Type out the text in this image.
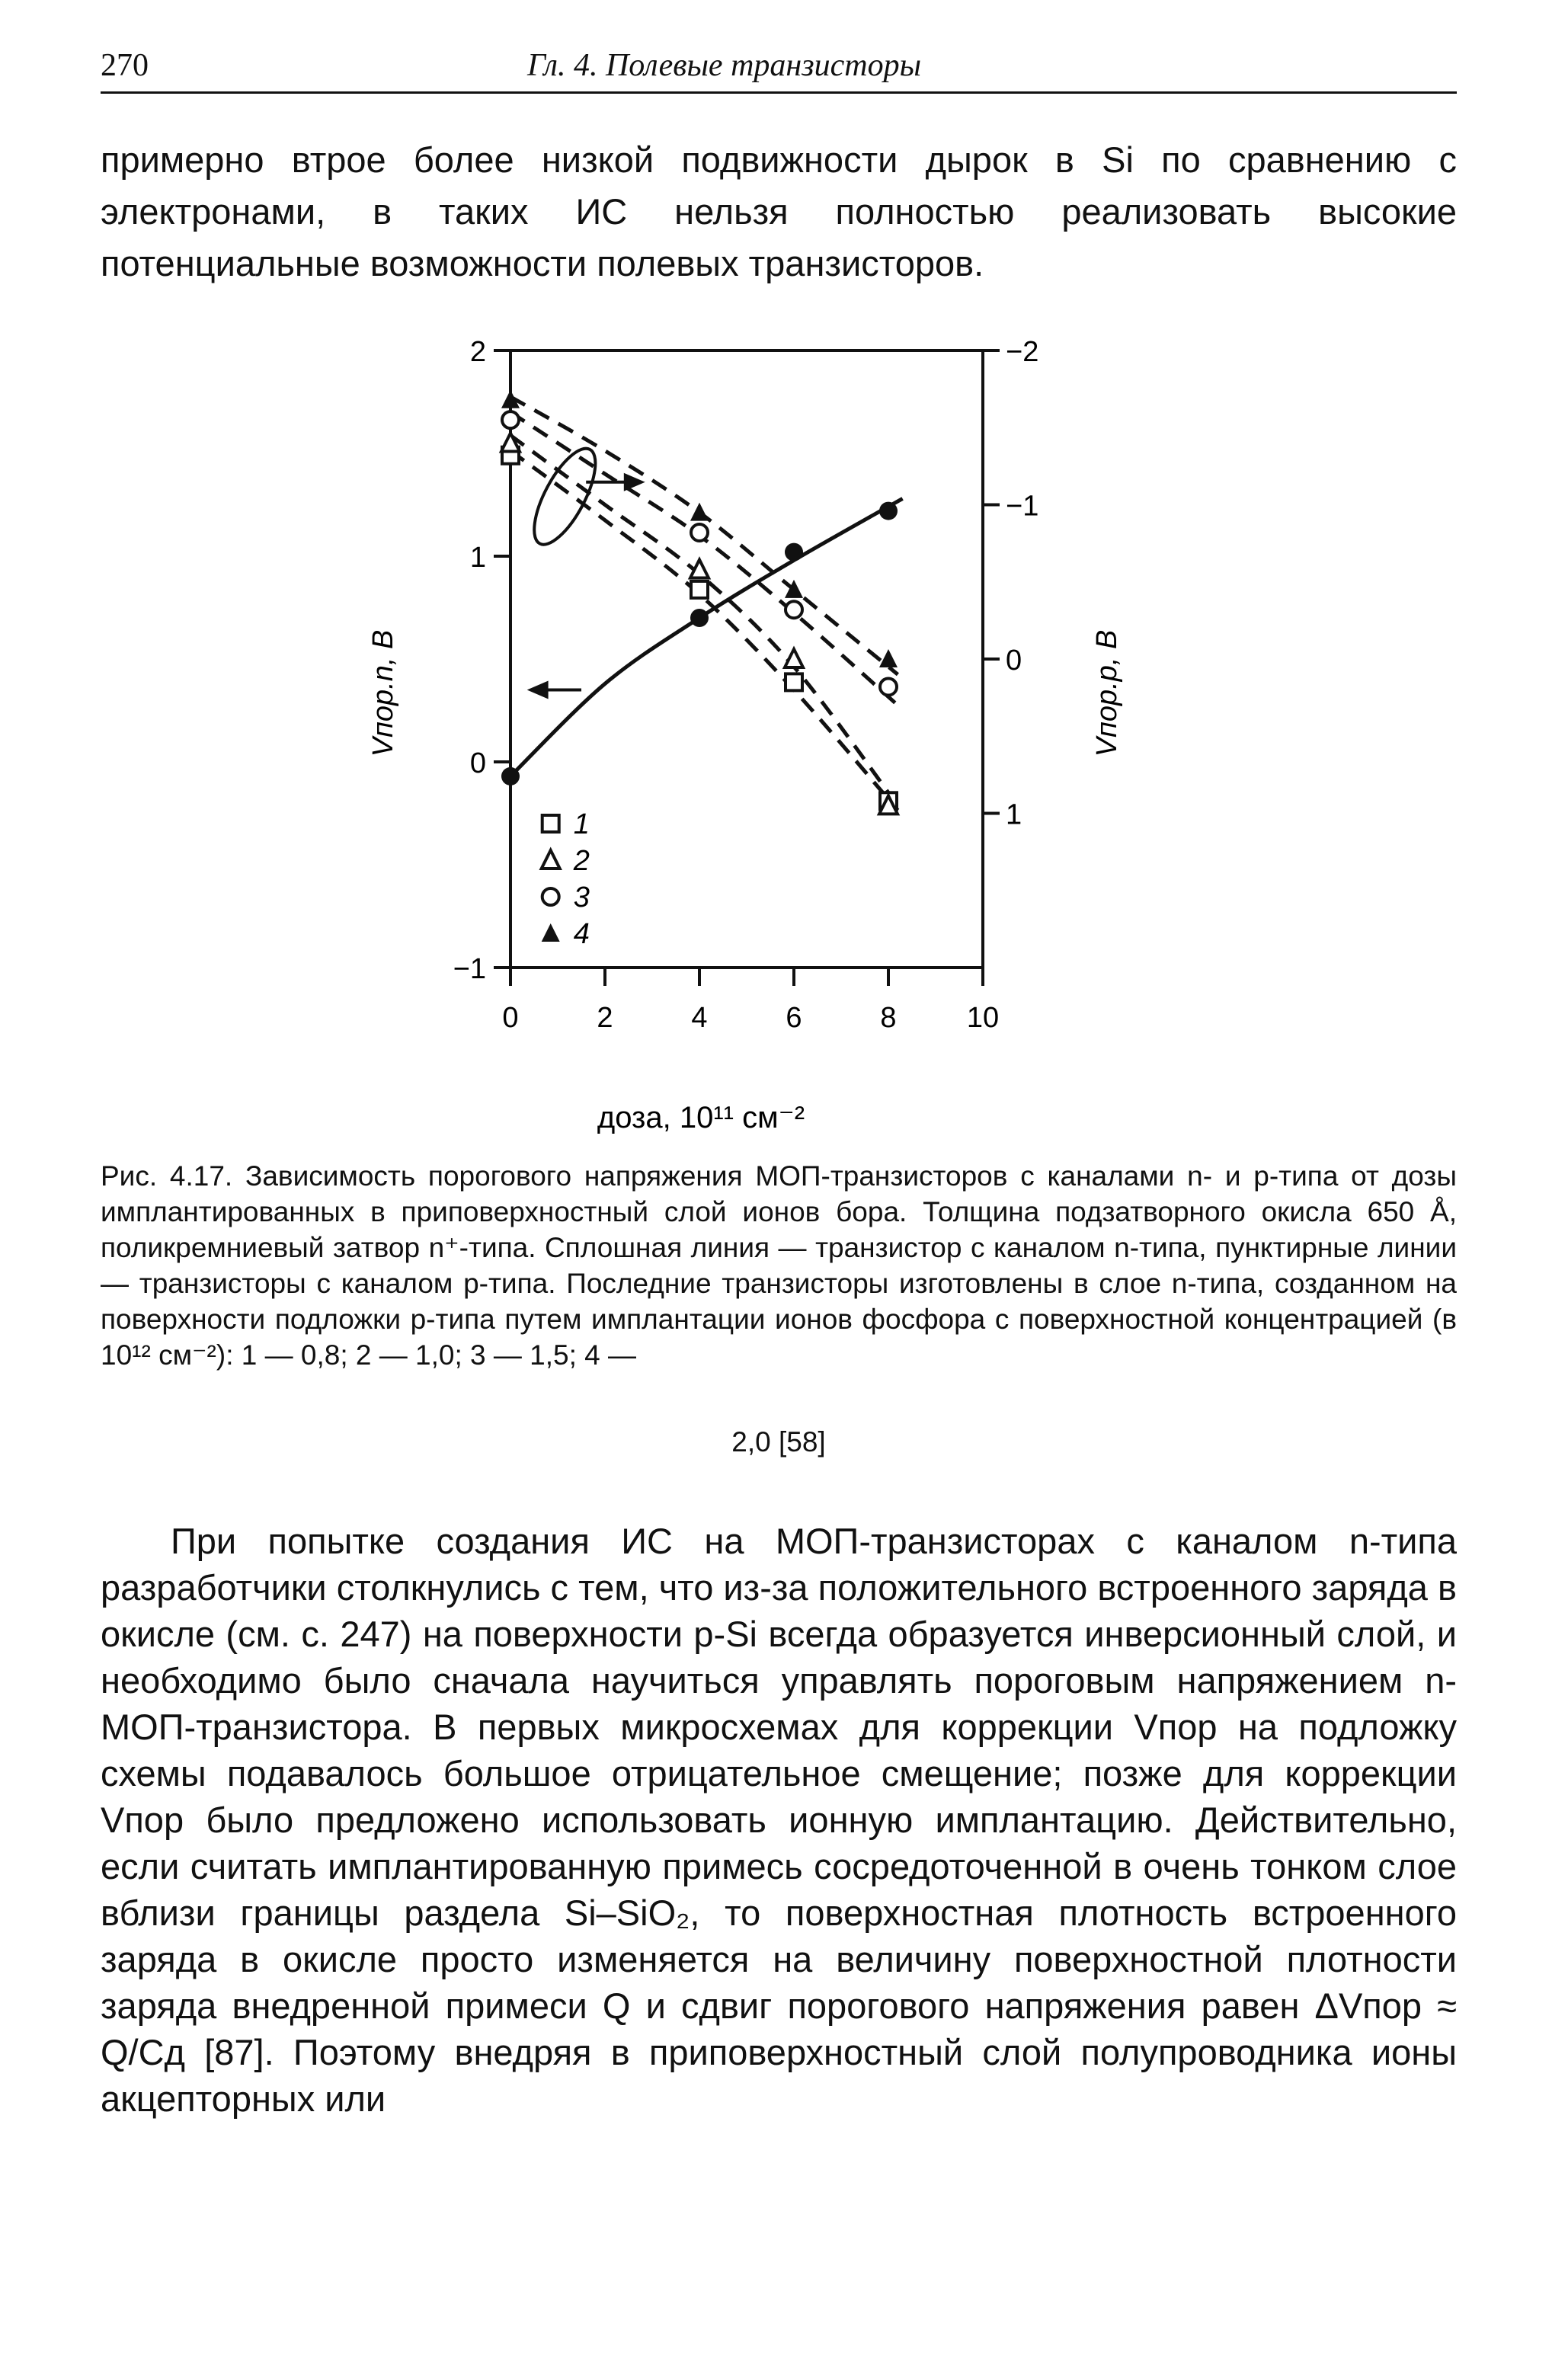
270	Гл. 4. Полевые транзисторы

примерно втрое более низкой подвижности дырок в Si по сравнению с электронами, в таких ИС нельзя полностью реализовать высокие потенциальные возможности полевых транзисторов.

2
1
0
−1
−2
−1
0
1
0	2	4	6	8 10
1
2
3
4
доза, 10¹¹ см⁻²
Vпор.n, В	Vпор.p, В

Рис. 4.17. Зависимость порогового напряжения МОП-транзисторов с каналами n- и p-типа от дозы имплантированных в приповерхностный слой ионов бора. Толщина подзатворного окисла 650 Å, поликремниевый затвор n⁺-типа. Сплошная линия — транзистор с каналом n-типа, пунктирные линии — транзисторы с каналом p-типа. Последние транзисторы изготовлены в слое n-типа, созданном на поверхности подложки p-типа путем имплантации ионов фосфора с поверхностной концентрацией (в 10¹² см⁻²): 1 — 0,8; 2 — 1,0; 3 — 1,5; 4 —

2,0 [58]

При попытке создания ИС на МОП-транзисторах с каналом n-типа разработчики столкнулись с тем, что из-за положительного встроенного заряда в окисле (см. с. 247) на поверхности p-Si всегда образуется инверсионный слой, и необходимо было сначала научиться управлять пороговым напряжением n-МОП-транзистора. В первых микросхемах для коррекции Vпор на подложку схемы подавалось большое отрицательное смещение; позже для коррекции Vпор было предложено использовать ионную имплантацию. Действительно, если считать имплантированную примесь сосредоточенной в очень тонком слое вблизи границы раздела Si–SiO₂, то поверхностная плотность встроенного заряда в окисле просто изменяется на величину поверхностной плотности заряда внедренной примеси Q и сдвиг порогового напряжения равен ΔVпор ≈ Q/Cд [87]. Поэтому внедряя в приповерхностный слой полупроводника ионы акцепторных или
